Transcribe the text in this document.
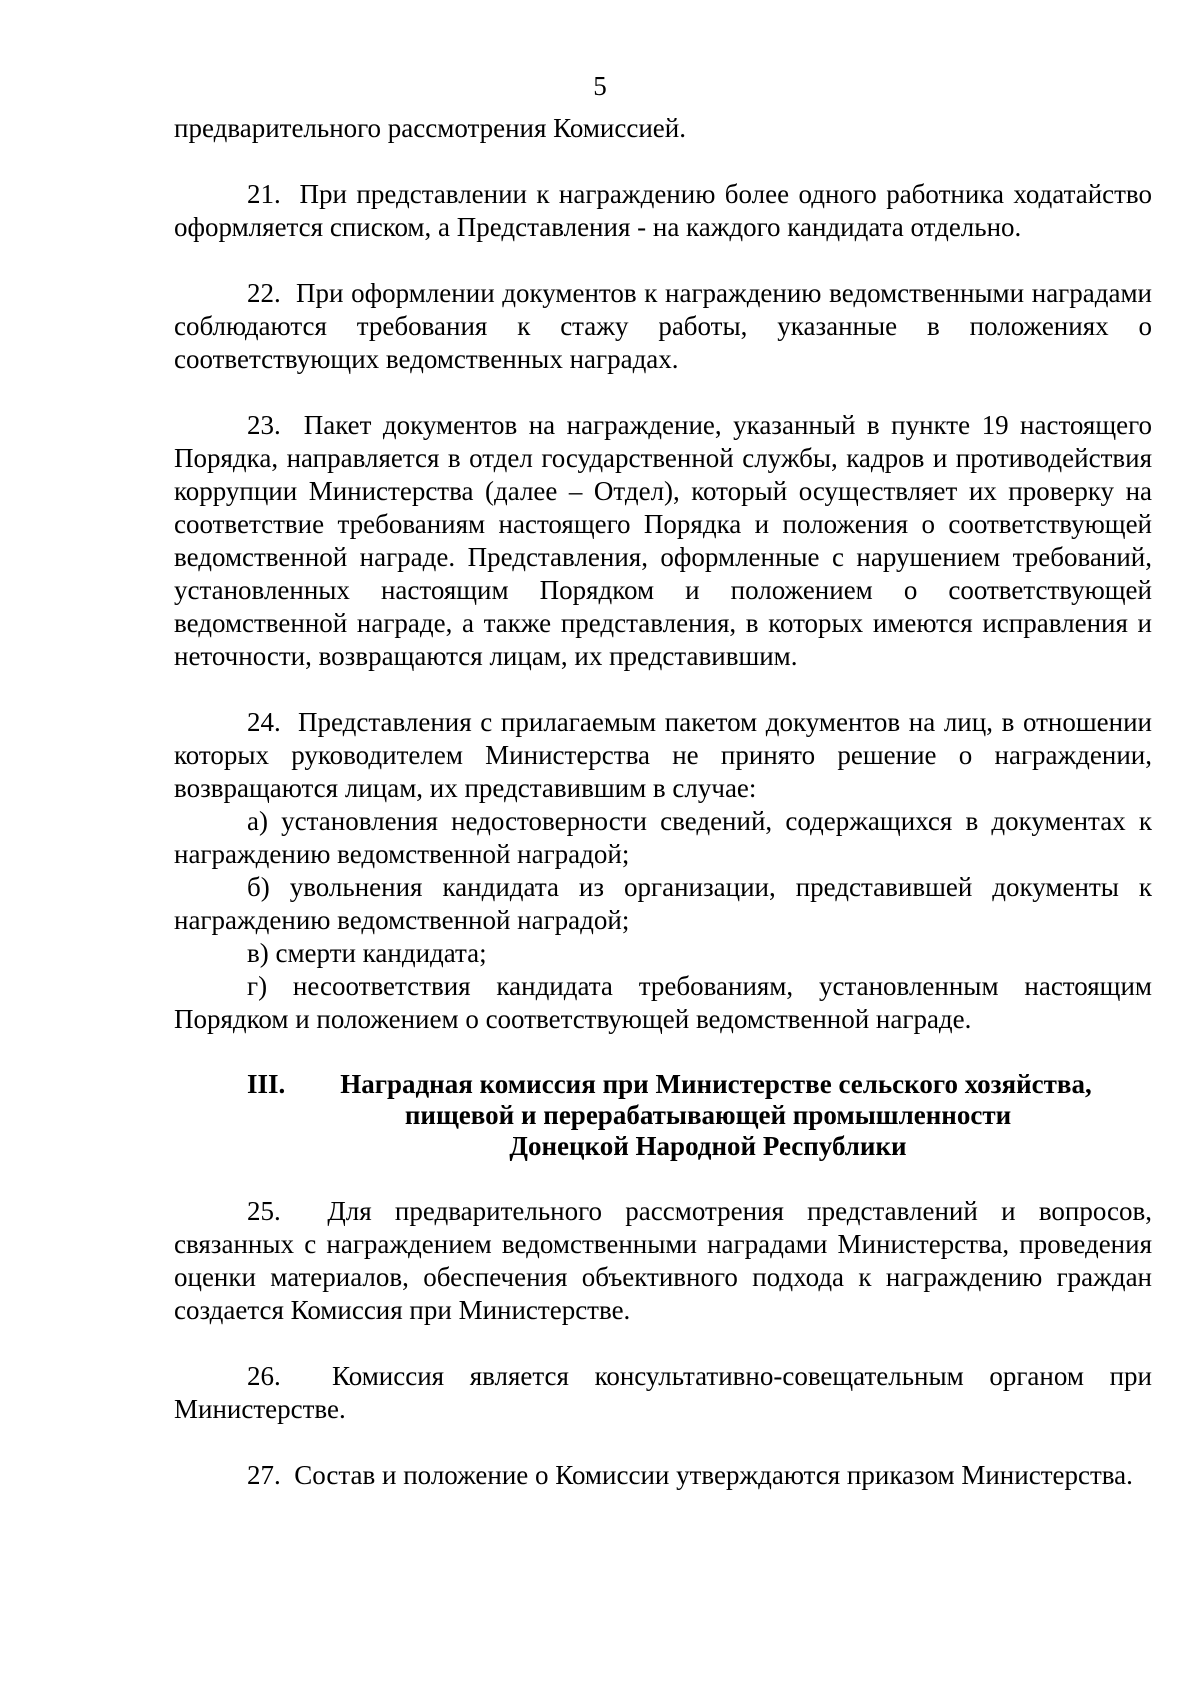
5

предварительного рассмотрения Комиссией.

21.  При представлении к награждению более одного работника ходатайство оформляется списком, а Представления - на каждого кандидата отдельно.

22.  При оформлении документов к награждению ведомственными наградами соблюдаются требования к стажу работы, указанные в положениях о соответствующих ведомственных наградах.

23.  Пакет документов на награждение, указанный в пункте 19 настоящего Порядка, направляется в отдел государственной службы, кадров и противодействия коррупции Министерства (далее – Отдел), который осуществляет их проверку на соответствие требованиям настоящего Порядка и положения о соответствующей ведомственной награде. Представления, оформленные с нарушением требований, установленных настоящим Порядком и положением о соответствующей ведомственной награде, а также представления, в которых имеются исправления и неточности, возвращаются лицам, их представившим.

24.  Представления с прилагаемым пакетом документов на лиц, в отношении которых руководителем Министерства не принято решение о награждении, возвращаются лицам, их представившим в случае:

а) установления недостоверности сведений, содержащихся в документах к награждению ведомственной наградой;

б) увольнения кандидата из организации, представившей документы к награждению ведомственной наградой;

в) смерти кандидата;

г) несоответствия кандидата требованиям, установленным настоящим Порядком и положением о соответствующей ведомственной награде.

III.	Наградная комиссия при Министерстве сельского хозяйства,
пищевой и перерабатывающей промышленности
Донецкой Народной Республики

25.  Для предварительного рассмотрения представлений и вопросов, связанных с награждением ведомственными наградами Министерства, проведения оценки материалов, обеспечения объективного подхода к награждению граждан создается Комиссия при Министерстве.

26.  Комиссия является консультативно-совещательным органом при Министерстве.

27.  Состав и положение о Комиссии утверждаются приказом Министерства.
